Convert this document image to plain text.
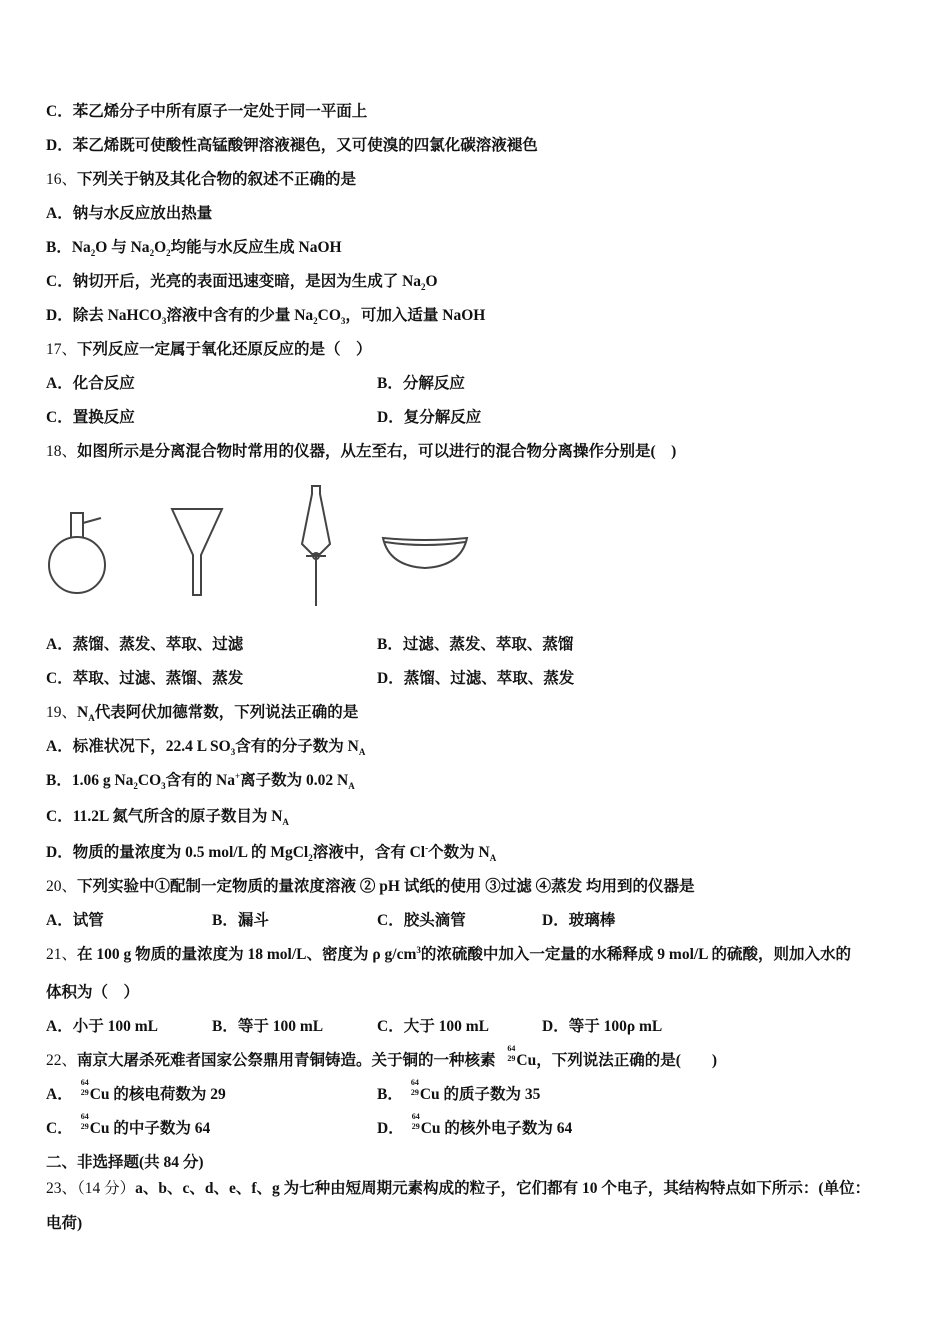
C．苯乙烯分子中所有原子一定处于同一平面上
D．苯乙烯既可使酸性高锰酸钾溶液褪色，又可使溴的四氯化碳溶液褪色
16、下列关于钠及其化合物的叙述不正确的是
A．钠与水反应放出热量
B．$Na_2O$ 与 $Na_2O_2$均能与水反应生成 NaOH
C．钠切开后，光亮的表面迅速变暗，是因为生成了 $Na_2O$
D．除去 NaHCO$_3$溶液中含有的少量 $Na_2CO_3$，可加入适量 NaOH
17、下列反应一定属于氧化还原反应的是（　）
A．化合反应	B．分解反应
C．置换反应	D．复分解反应
18、如图所示是分离混合物时常用的仪器，从左至右，可以进行的混合物分离操作分别是(　)
A．蒸馏、蒸发、萃取、过滤	B．过滤、蒸发、萃取、蒸馏
C．萃取、过滤、蒸馏、蒸发	D．蒸馏、过滤、萃取、蒸发
19、$N_A$代表阿伏加德常数，下列说法正确的是
A．标准状况下，22.4 L $SO_3$含有的分子数为 $N_A$
B．1.06 g $Na_2CO_3$含有的 Na+离子数为 0.02 $N_A$
C．11.2L 氮气所含的原子数目为 $N_A$
D．物质的量浓度为 0.5 mol/L 的 MgCl$_2$溶液中，含有 Cl-个数为 $N_A$
20、下列实验中①配制一定物质的量浓度溶液 ② pH 试纸的使用 ③过滤 ④蒸发 均用到的仪器是
A．试管	B．漏斗	C．胶头滴管	D．玻璃棒
21、在 100 g 物质的量浓度为 18 mol/L、密度为 ρ $g/cm^3$的浓硫酸中加入一定量的水稀释成 9 mol/L 的硫酸，则加入水的
体积为（　）
A．小于 100 mL	B．等于 100 mL	C．大于 100 mL	D．等于 100ρ mL
22、南京大屠杀死难者国家公祭鼎用青铜铸造。关于铜的一种核素
64
29 Cu，下列说法正确的是(　　)
A．
64
29 Cu 的核电荷数为 29	B．
64
29 Cu 的质子数为 35
C．
64
29 Cu 的中子数为 64	D．
64
29 Cu 的核外电子数为 64
二、非选择题(共 84 分)
23、（14 分）a、b、c、d、e、f、g 为七种由短周期元素构成的粒子，它们都有 10 个电子，其结构特点如下所示：(单位：
电荷)
